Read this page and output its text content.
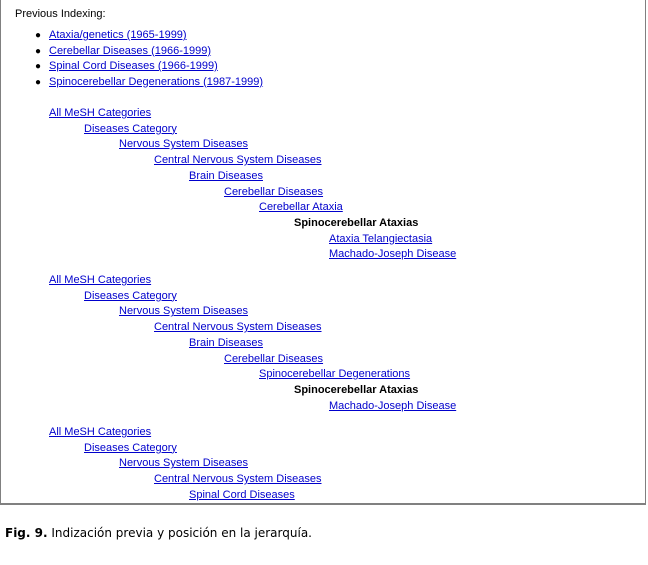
Previous Indexing:
● Ataxia/genetics (1965-1999)
● Cerebellar Diseases (1966-1999)
● Spinal Cord Diseases (1966-1999)
● Spinocerebellar Degenerations (1987-1999)
All MeSH Categories
Diseases Category
Nervous System Diseases
Central Nervous System Diseases
Brain Diseases
Cerebellar Diseases
Cerebellar Ataxia
Spinocerebellar Ataxias
Ataxia Telangiectasia
Machado-Joseph Disease
All MeSH Categories
Diseases Category
Nervous System Diseases
Central Nervous System Diseases
Brain Diseases
Cerebellar Diseases
Spinocerebellar Degenerations
Spinocerebellar Ataxias
Machado-Joseph Disease
All MeSH Categories
Diseases Category
Nervous System Diseases
Central Nervous System Diseases
Spinal Cord Diseases
Fig. 9. Indización previa y posición en la jerarquía.
